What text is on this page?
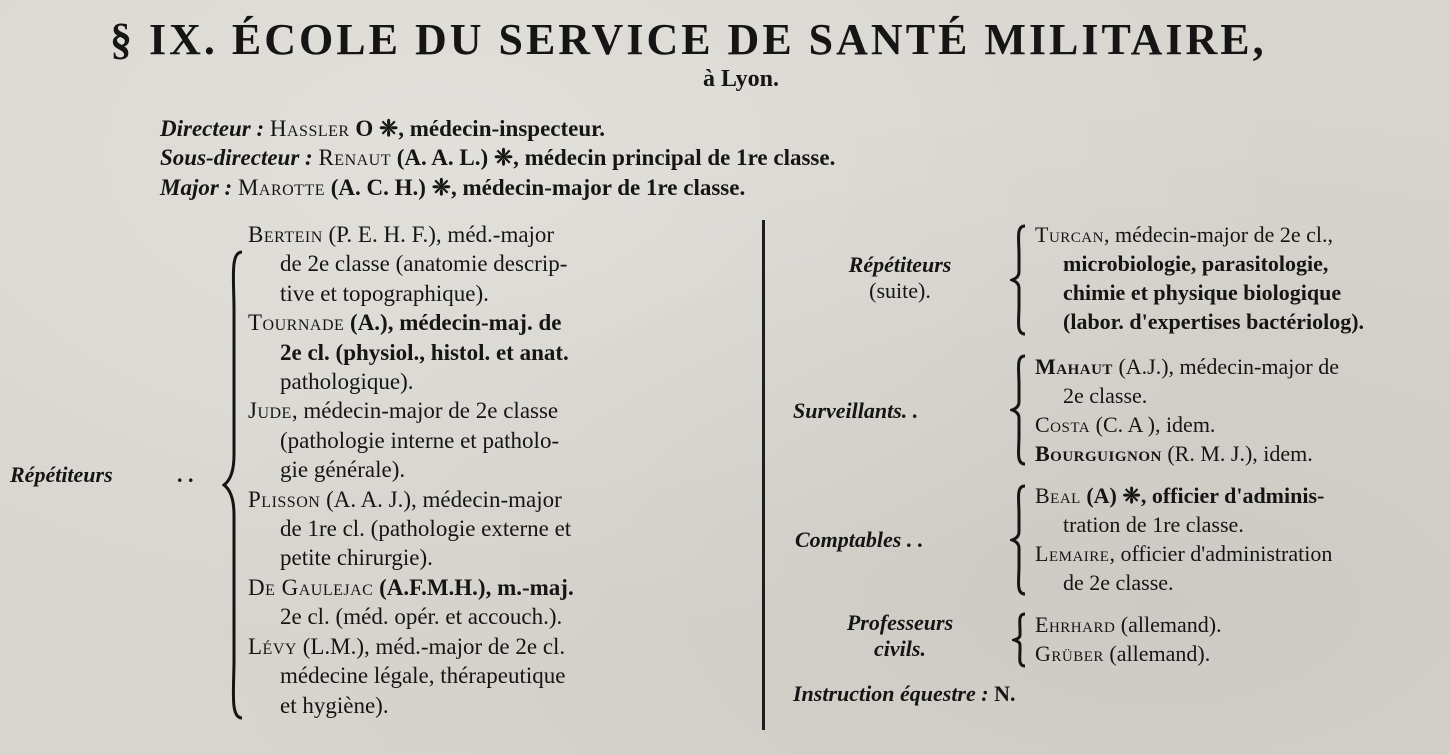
§ IX. ÉCOLE DU SERVICE DE SANTÉ MILITAIRE,
à Lyon.
Directeur : Hassler O ❈, médecin-inspecteur.
Sous-directeur : Renaut (A. A. L.) ❈, médecin principal de 1re classe.
Major : Marotte (A. C. H.) ❈, médecin-major de 1re classe.
Répétiteurs	. .
Bertein (P. E. H. F.), méd.-major
de 2e classe (anatomie descrip-
tive et topographique).
Tournade (A.), médecin-maj. de
2e cl. (physiol., histol. et anat.
pathologique).
Jude, médecin-major de 2e classe
(pathologie interne et patholo-
gie générale).
Plisson (A. A. J.), médecin-major
de 1re cl. (pathologie externe et
petite chirurgie).
De Gaulejac (A.F.M.H.), m.-maj.
2e cl. (méd. opér. et accouch.).
Lévy (L.M.), méd.-major de 2e cl.
médecine légale, thérapeutique
et hygiène).
Répétiteurs
(suite).
Turcan, médecin-major de 2e cl.,
microbiologie, parasitologie,
chimie et physique biologique
(labor. d'expertises bactériolog).
Surveillants. .
Mahaut (A.J.), médecin-major de
2e classe.
Costa (C. A ), idem.
Bourguignon (R. M. J.), idem.
Comptables . .
Beal (A) ❈, officier d'adminis-
tration de 1re classe.
Lemaire, officier d'administration
de 2e classe.
Professeurs
civils.
Ehrhard (allemand).
Grüber (allemand).
Instruction équestre : N.
